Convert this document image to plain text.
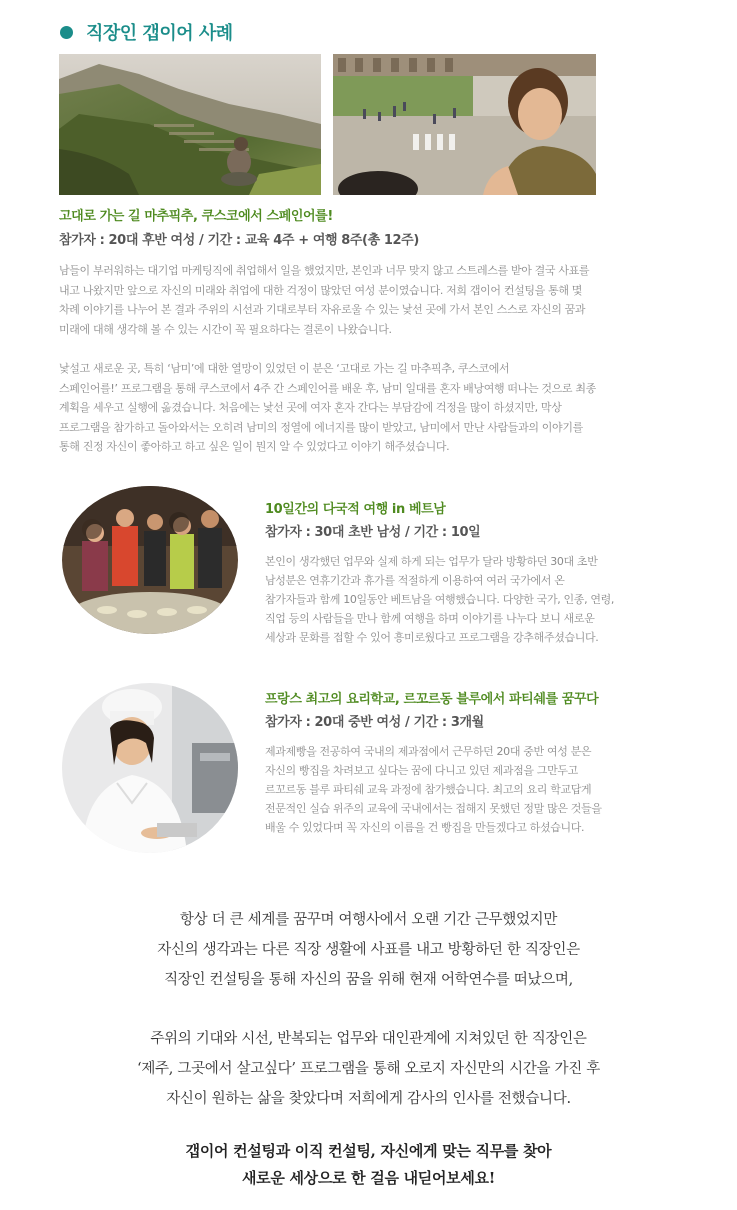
직장인 갭이어 사례
고대로 가는 길 마추픽추, 쿠스코에서 스페인어를!
참가자 : 20대 후반 여성 / 기간 : 교육 4주 + 여행 8주(총 12주)
남들이 부러워하는 대기업 마케팅직에 취업해서 일을 했었지만, 본인과 너무 맞지 않고 스트레스를 받아 결국 사표를
내고 나왔지만 앞으로 자신의 미래와 취업에 대한 걱정이 많았던 여성 분이였습니다. 저희 갭이어 컨설팅을 통해 몇
차례 이야기를 나누어 본 결과 주위의 시선과 기대로부터 자유로울 수 있는 낯선 곳에 가서 본인 스스로 자신의 꿈과
미래에 대해 생각해 볼 수 있는 시간이 꼭 필요하다는 결론이 나왔습니다.
낯설고 새로운 곳, 특히 ‘남미’에 대한 열망이 있었던 이 분은 ‘고대로 가는 길 마추픽추, 쿠스코에서
스페인어를!’ 프로그램을 통해 쿠스코에서 4주 간 스페인어를 배운 후, 남미 일대를 혼자 배낭여행 떠나는 것으로 최종
계획을 세우고 실행에 옮겼습니다. 처음에는 낯선 곳에 여자 혼자 간다는 부담감에 걱정을 많이 하셨지만, 막상
프로그램을 참가하고 돌아와서는 오히려 남미의 정열에 에너지를 많이 받았고, 남미에서 만난 사람들과의 이야기를
통해 진정 자신이 좋아하고 하고 싶은 일이 뭔지 알 수 있었다고 이야기 해주셨습니다.
10일간의 다국적 여행 in 베트남
참가자 : 30대 초반 남성 / 기간 : 10일
본인이 생각했던 업무와 실제 하게 되는 업무가 달라 방황하던 30대 초반
남성분은 연휴기간과 휴가를 적절하게 이용하여 여러 국가에서 온
참가자들과 함께 10일동안 베트남을 여행했습니다. 다양한 국가, 인종, 연령,
직업 등의 사람들을 만나 함께 여행을 하며 이야기를 나누다 보니 새로운
세상과 문화를 접할 수 있어 흥미로웠다고 프로그램을 강추해주셨습니다.
프랑스 최고의 요리학교, 르꼬르동 블루에서 파티쉐를 꿈꾸다
참가자 : 20대 중반 여성 / 기간 : 3개월
제과제빵을 전공하여 국내의 제과점에서 근무하던 20대 중반 여성 분은
자신의 빵집을 차려보고 싶다는 꿈에 다니고 있던 제과점을 그만두고
르꼬르동 블루 파티쉐 교육 과정에 참가했습니다. 최고의 요리 학교답게
전문적인 실습 위주의 교육에 국내에서는 접해지 못했던 정말 많은 것들을
배울 수 있었다며 꼭 자신의 이름을 건 빵집을 만들겠다고 하셨습니다.
항상 더 큰 세계를 꿈꾸며 여행사에서 오랜 기간 근무했었지만
자신의 생각과는 다른 직장 생활에 사표를 내고 방황하던 한 직장인은
직장인 컨설팅을 통해 자신의 꿈을 위해 현재 어학연수를 떠났으며,
주위의 기대와 시선, 반복되는 업무와 대인관계에 지쳐있던 한 직장인은
‘제주, 그곳에서 살고싶다’ 프로그램을 통해 오로지 자신만의 시간을 가진 후
자신이 원하는 삶을 찾았다며 저희에게 감사의 인사를 전했습니다.
갭이어 컨설팅과 이직 컨설팅, 자신에게 맞는 직무를 찾아
새로운 세상으로 한 걸음 내딛어보세요!
